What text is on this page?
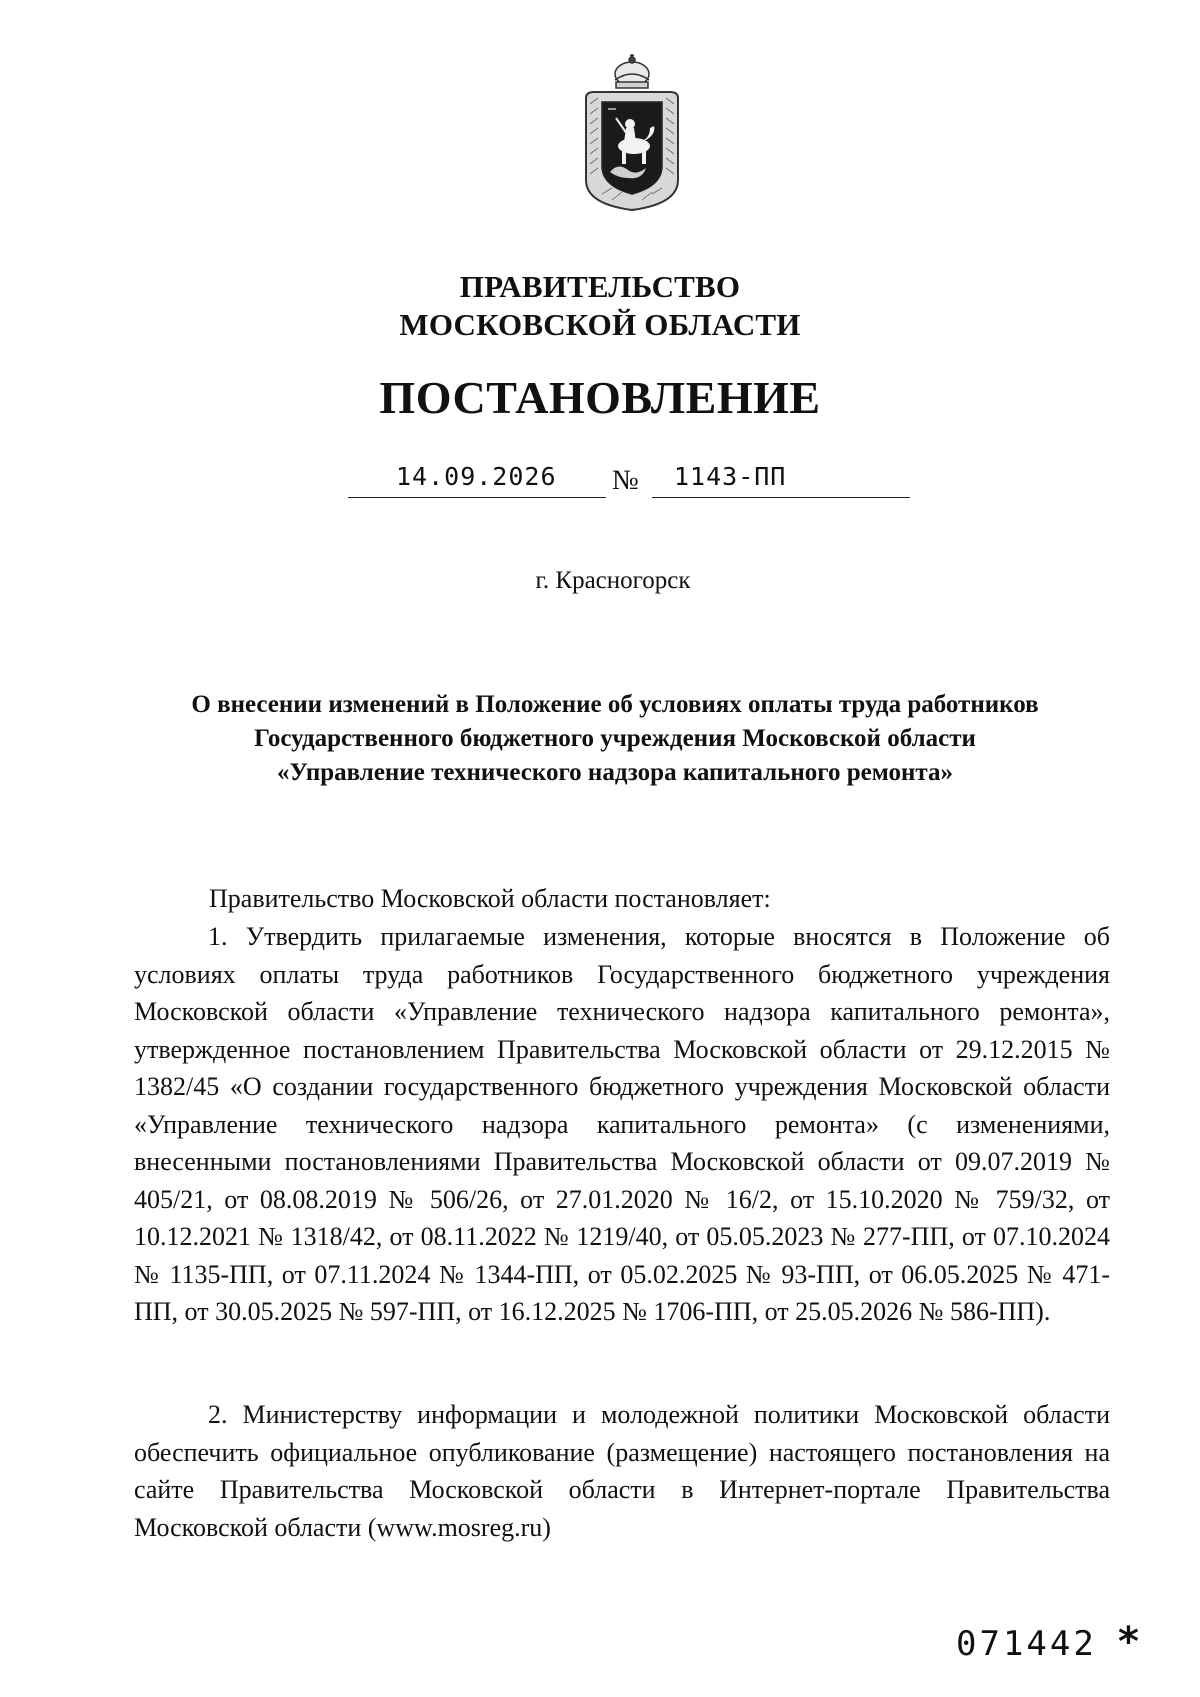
ПРАВИТЕЛЬСТВО
МОСКОВСКОЙ ОБЛАСТИ
ПОСТАНОВЛЕНИЕ
14.09.2026 № 1143-ПП
г. Красногорск
О внесении изменений в Положение об условиях оплаты труда работников
Государственного бюджетного учреждения Московской области
«Управление технического надзора капитального ремонта»
Правительство Московской области постановляет:

1. Утвердить прилагаемые изменения, которые вносятся в Положение об условиях оплаты труда работников Государственного бюджетного учреждения Московской области «Управление технического надзора капитального ремонта», утвержденное постановлением Правительства Московской области от 29.12.2015 № 1382/45 «О создании государственного бюджетного учреждения Московской области «Управление технического надзора капитального ремонта» (с изменениями, внесенными постановлениями Правительства Московской области от 09.07.2019 № 405/21, от 08.08.2019 № 506/26, от 27.01.2020 № 16/2, от 15.10.2020 № 759/32, от 10.12.2021 № 1318/42, от 08.11.2022 № 1219/40, от 05.05.2023 № 277-ПП, от 07.10.2024 № 1135-ПП, от 07.11.2024 № 1344-ПП, от 05.02.2025 № 93-ПП, от 06.05.2025 № 471-ПП, от 30.05.2025 № 597-ПП, от 16.12.2025 № 1706-ПП, от 25.05.2026 № 586-ПП).

2. Министерству информации и молодежной политики Московской области обеспечить официальное опубликование (размещение) настоящего постановления на сайте Правительства Московской области в Интернет-портале Правительства Московской области (www.mosreg.ru)

071442 *
